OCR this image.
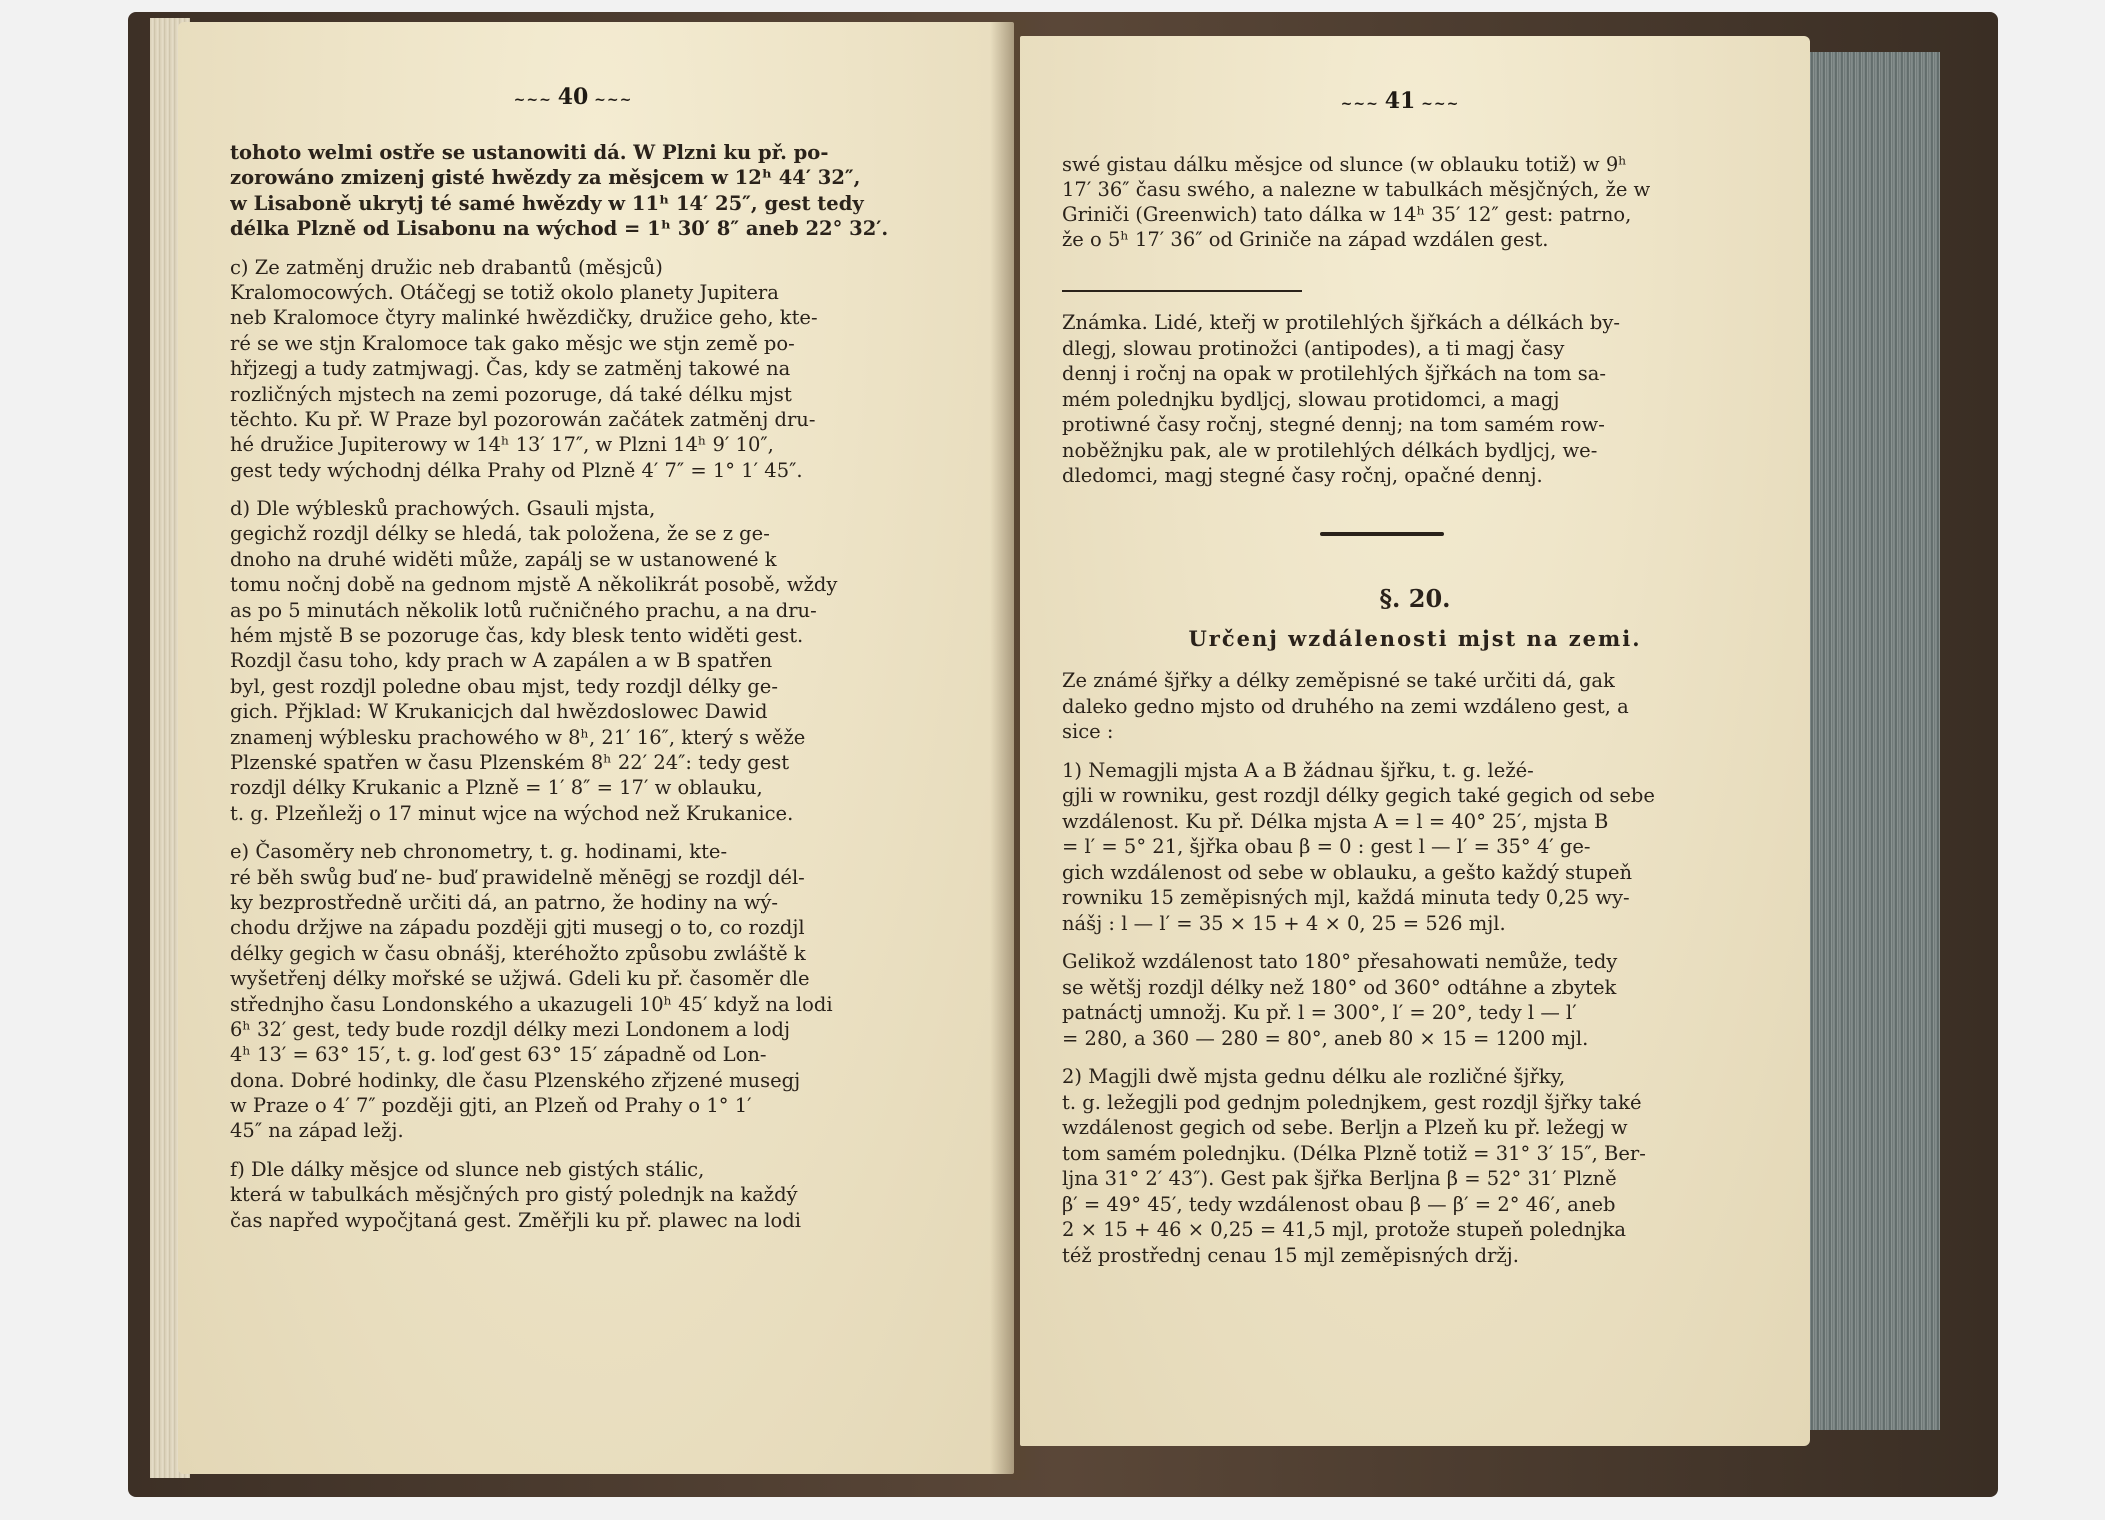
~~~ 40 ~~~
tohoto welmi ostře se ustanowiti dá. W Plzni ku př. po-
zorowáno zmizenj gisté hwězdy za měsjcem w 12ʰ 44′ 32″,
w Lisaboně ukrytj té samé hwězdy w 11ʰ 14′ 25″, gest tedy
délka Plzně od Lisabonu na wýchod = 1ʰ 30′ 8″ aneb 22° 32′.
c) Ze zatměnj družic neb drabantů (měsjců)
Kralomocowých. Otáčegj se totiž okolo planety Jupitera
neb Kralomoce čtyry malinké hwězdičky, družice geho, kte-
ré se we stjn Kralomoce tak gako měsjc we stjn země po-
hřjzegj a tudy zatmjwagj. Čas, kdy se zatměnj takowé na
rozličných mjstech na zemi pozoruge, dá také délku mjst
těchto. Ku př. W Praze byl pozorowán začátek zatměnj dru-
hé družice Jupiterowy w 14ʰ 13′ 17″, w Plzni 14ʰ 9′ 10″,
gest tedy wýchodnj délka Prahy od Plzně 4′ 7″ = 1° 1′ 45″.
d) Dle wýblesků prachowých. Gsauli mjsta,
gegichž rozdjl délky se hledá, tak položena, že se z ge-
dnoho na druhé widěti může, zapálj se w ustanowené k
tomu nočnj době na gednom mjstě A několikrát posobě, wždy
as po 5 minutách několik lotů ručničného prachu, a na dru-
hém mjstě B se pozoruge čas, kdy blesk tento widěti gest.
Rozdjl času toho, kdy prach w A zapálen a w B spatřen
byl, gest rozdjl poledne obau mjst, tedy rozdjl délky ge-
gich. Přjklad: W Krukanicjch dal hwězdoslowec Dawid
znamenj wýblesku prachowého w 8ʰ, 21′ 16″, který s wěže
Plzenské spatřen w času Plzenském 8ʰ 22′ 24″: tedy gest
rozdjl délky Krukanic a Plzně = 1′ 8″ = 17′ w oblauku,
t. g. Plzeňležj o 17 minut wjce na wýchod než Krukanice.
e) Časoměry neb chronometry, t. g. hodinami, kte-
ré běh swůg buď ne- buď prawidelně měnēgj se rozdjl dél-
ky bezprostředně určiti dá, an patrno, že hodiny na wý-
chodu držjwe na západu později gjti musegj o to, co rozdjl
délky gegich w času obnášj, kteréhožto způsobu zwláště k
wyšetřenj délky mořské se užjwá. Gdeli ku př. časoměr dle
střednjho času Londonského a ukazugeli 10ʰ 45′ když na lodi
6ʰ 32′ gest, tedy bude rozdjl délky mezi Londonem a lodj
4ʰ 13′ = 63° 15′, t. g. loď gest 63° 15′ západně od Lon-
dona. Dobré hodinky, dle času Plzenského zřjzené musegj
w Praze o 4′ 7″ později gjti, an Plzeň od Prahy o 1° 1′
45″ na západ ležj.
f) Dle dálky měsjce od slunce neb gistých stálic,
která w tabulkách měsjčných pro gistý polednjk na každý
čas napřed wypočjtaná gest. Změřjli ku př. plawec na lodi
~~~ 41 ~~~
swé gistau dálku měsjce od slunce (w oblauku totiž) w 9ʰ
17′ 36″ času swého, a nalezne w tabulkách měsjčných, že w
Griniči (Greenwich) tato dálka w 14ʰ 35′ 12″ gest: patrno,
že o 5ʰ 17′ 36″ od Griniče na západ wzdálen gest.
Známka. Lidé, kteřj w protilehlých šjřkách a délkách by-
dlegj, slowau protinožci (antipodes), a ti magj časy
dennj i ročnj na opak w protilehlých šjřkách na tom sa-
mém polednjku bydljcj, slowau protidomci, a magj
protiwné časy ročnj, stegné dennj; na tom samém row-
noběžnjku pak, ale w protilehlých délkách bydljcj, we-
dledomci, magj stegné časy ročnj, opačné dennj.
§. 20.
Určenj wzdálenosti mjst na zemi.
Ze známé šjřky a délky zeměpisné se také určiti dá, gak
daleko gedno mjsto od druhého na zemi wzdáleno gest, a
sice :
1) Nemagjli mjsta A a B žádnau šjřku, t. g. ležé-
gjli w rowniku, gest rozdjl délky gegich také gegich od sebe
wzdálenost. Ku př. Délka mjsta A = l = 40° 25′, mjsta B
= l′ = 5° 21, šjřka obau β = 0 : gest l — l′ = 35° 4′ ge-
gich wzdálenost od sebe w oblauku, a gešto každý stupeň
rowniku 15 zeměpisných mjl, každá minuta tedy 0,25 wy-
nášj : l — l′ = 35 × 15 + 4 × 0, 25 = 526 mjl.
Gelikož wzdálenost tato 180° přesahowati nemůže, tedy
se wětšj rozdjl délky než 180° od 360° odtáhne a zbytek
patnáctj umnožj. Ku př. l = 300°, l′ = 20°, tedy l — l′
= 280, a 360 — 280 = 80°, aneb 80 × 15 = 1200 mjl.
2) Magjli dwě mjsta gednu délku ale rozličné šjřky,
t. g. ležegjli pod gednjm polednjkem, gest rozdjl šjřky také
wzdálenost gegich od sebe. Berljn a Plzeň ku př. ležegj w
tom samém polednjku. (Délka Plzně totiž = 31° 3′ 15″, Ber-
ljna 31° 2′ 43″). Gest pak šjřka Berljna β = 52° 31′ Plzně
β′ = 49° 45′, tedy wzdálenost obau β — β′ = 2° 46′, aneb
2 × 15 + 46 × 0,25 = 41,5 mjl, protože stupeň polednjka
též prostřednj cenau 15 mjl zeměpisných držj.
